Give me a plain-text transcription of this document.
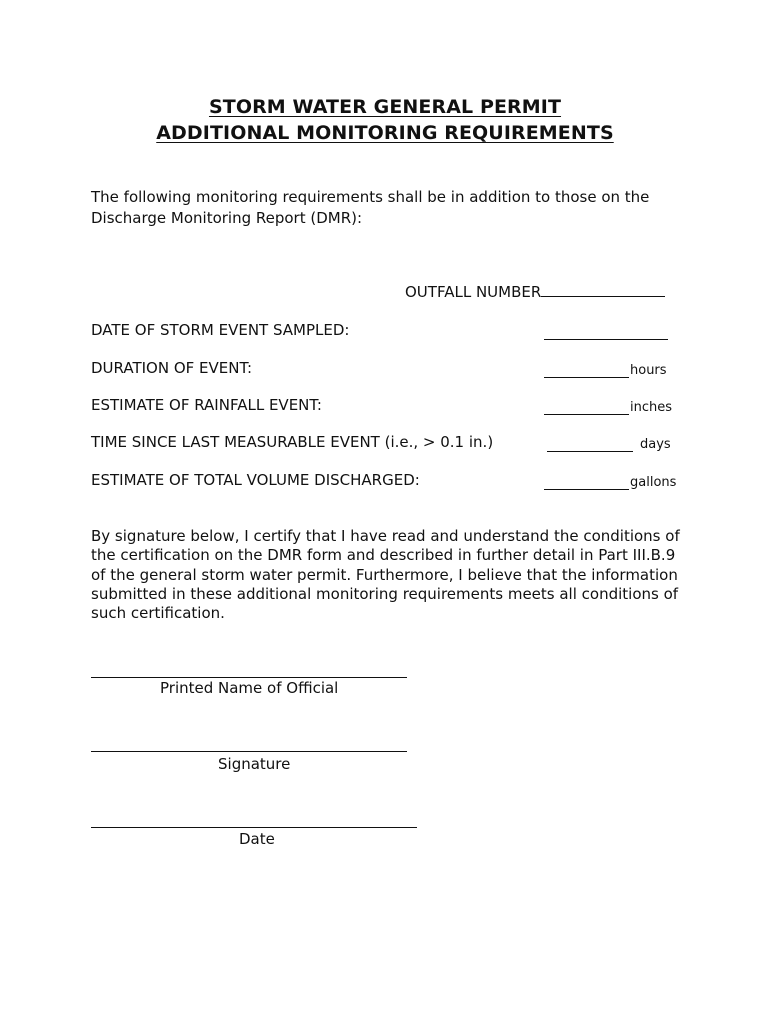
STORM WATER GENERAL PERMIT
ADDITIONAL MONITORING REQUIREMENTS
The following monitoring requirements shall be in addition to those on the Discharge Monitoring Report (DMR):
OUTFALL NUMBER
DATE OF STORM EVENT SAMPLED:
DURATION OF EVENT:	hours
ESTIMATE OF RAINFALL EVENT:	inches
TIME SINCE LAST MEASURABLE EVENT (i.e., > 0.1 in.)	days
ESTIMATE OF TOTAL VOLUME DISCHARGED:	gallons
By signature below, I certify that I have read and understand the conditions of the certification on the DMR form and described in further detail in Part III.B.9 of the general storm water permit. Furthermore, I believe that the information submitted in these additional monitoring requirements meets all conditions of such certification.
Printed Name of Official
Signature
Date
